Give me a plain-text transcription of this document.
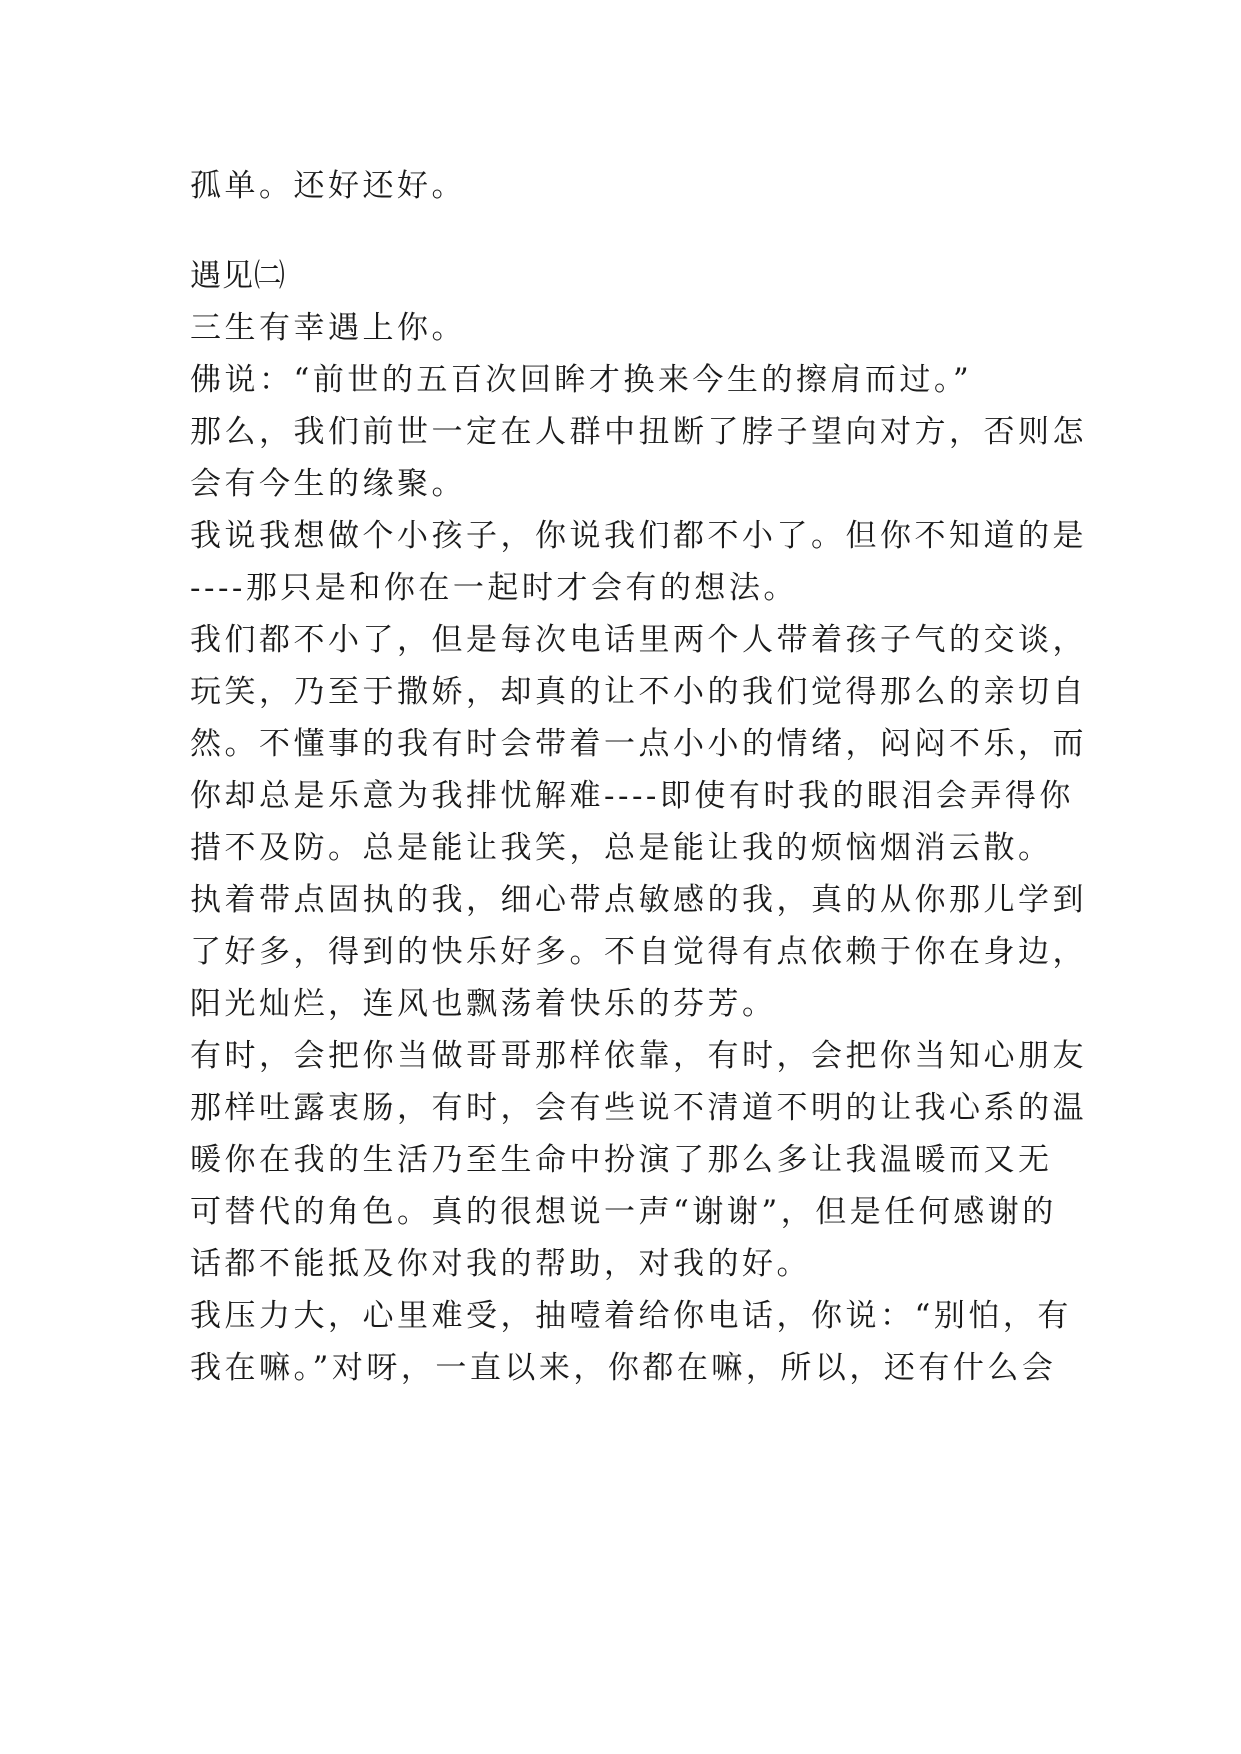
孤单。还好还好。
遇见㈡
三生有幸遇上你。
佛说：“前世的五百次回眸才换来今生的擦肩而过。”
那么，我们前世一定在人群中扭断了脖子望向对方，否则怎
会有今生的缘聚。
我说我想做个小孩子，你说我们都不小了。但你不知道的是
----那只是和你在一起时才会有的想法。
我们都不小了，但是每次电话里两个人带着孩子气的交谈，
玩笑，乃至于撒娇，却真的让不小的我们觉得那么的亲切自
然。不懂事的我有时会带着一点小小的情绪，闷闷不乐，而
你却总是乐意为我排忧解难----即使有时我的眼泪会弄得你
措不及防。总是能让我笑，总是能让我的烦恼烟消云散。
执着带点固执的我，细心带点敏感的我，真的从你那儿学到
了好多，得到的快乐好多。不自觉得有点依赖于你在身边，
阳光灿烂，连风也飘荡着快乐的芬芳。
有时，会把你当做哥哥那样依靠，有时，会把你当知心朋友
那样吐露衷肠，有时，会有些说不清道不明的让我心系的温
暖你在我的生活乃至生命中扮演了那么多让我温暖而又无
可替代的角色。真的很想说一声“谢谢”，但是任何感谢的
话都不能抵及你对我的帮助，对我的好。
我压力大，心里难受，抽噎着给你电话，你说：“别怕，有
我在嘛。”对呀，一直以来，你都在嘛，所以，还有什么会
